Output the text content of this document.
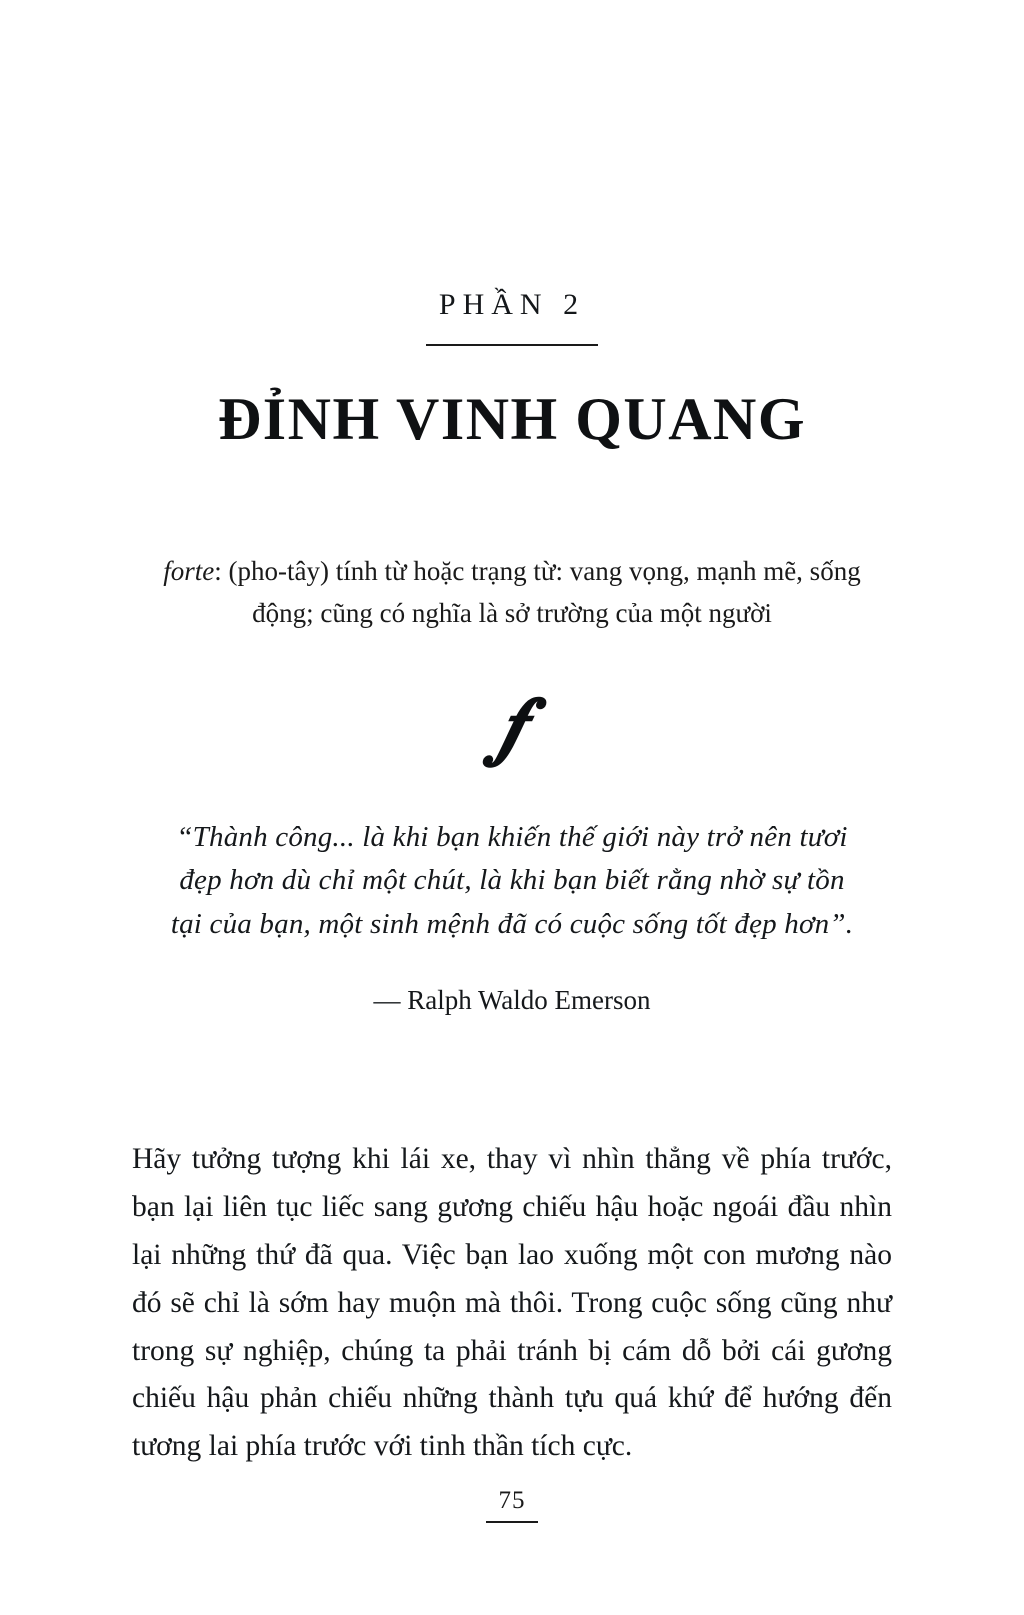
PHẦN 2
ĐỈNH VINH QUANG

forte: (pho-tây) tính từ hoặc trạng từ: vang vọng, mạnh mẽ, sống động; cũng có nghĩa là sở trường của một người

𝆑
“Thành công... là khi bạn khiến thế giới này trở nên tươi đẹp hơn dù chỉ một chút, là khi bạn biết rằng nhờ sự tồn tại của bạn, một sinh mệnh đã có cuộc sống tốt đẹp hơn”.
— Ralph Waldo Emerson

Hãy tưởng tượng khi lái xe, thay vì nhìn thẳng về phía trước, bạn lại liên tục liếc sang gương chiếu hậu hoặc ngoái đầu nhìn lại những thứ đã qua. Việc bạn lao xuống một con mương nào đó sẽ chỉ là sớm hay muộn mà thôi. Trong cuộc sống cũng như trong sự nghiệp, chúng ta phải tránh bị cám dỗ bởi cái gương chiếu hậu phản chiếu những thành tựu quá khứ để hướng đến tương lai phía trước với tinh thần tích cực.

75
